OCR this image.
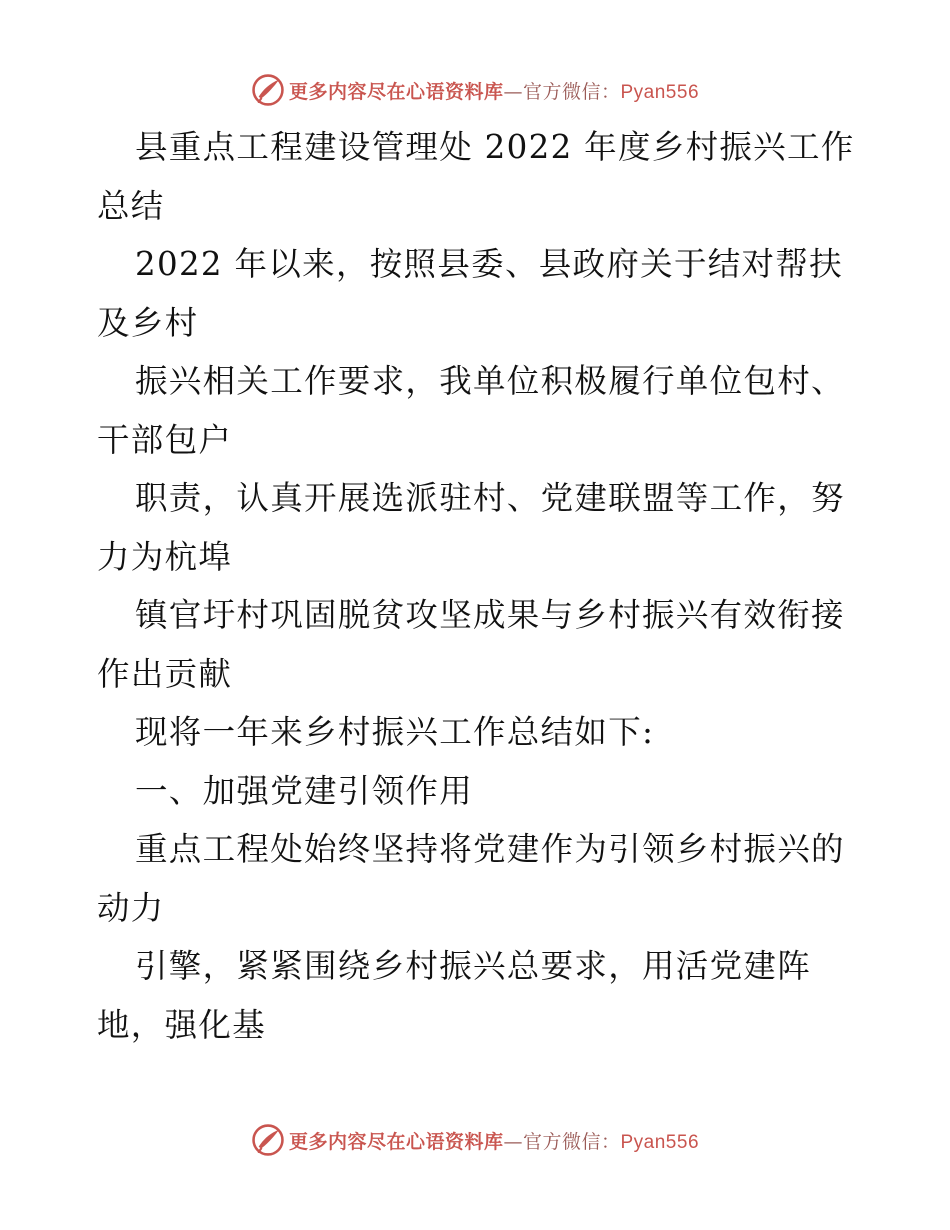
更多内容尽在心语资料库—官方微信：Pyan556

县重点工程建设管理处 2022 年度乡村振兴工作总结

2022 年以来，按照县委、县政府关于结对帮扶及乡村

振兴相关工作要求，我单位积极履行单位包村、干部包户

职责，认真开展选派驻村、党建联盟等工作，努力为杭埠

镇官圩村巩固脱贫攻坚成果与乡村振兴有效衔接作出贡献

现将一年来乡村振兴工作总结如下:

一、加强党建引领作用

重点工程处始终坚持将党建作为引领乡村振兴的动力

引擎，紧紧围绕乡村振兴总要求，用活党建阵地，强化基

更多内容尽在心语资料库—官方微信：Pyan556
